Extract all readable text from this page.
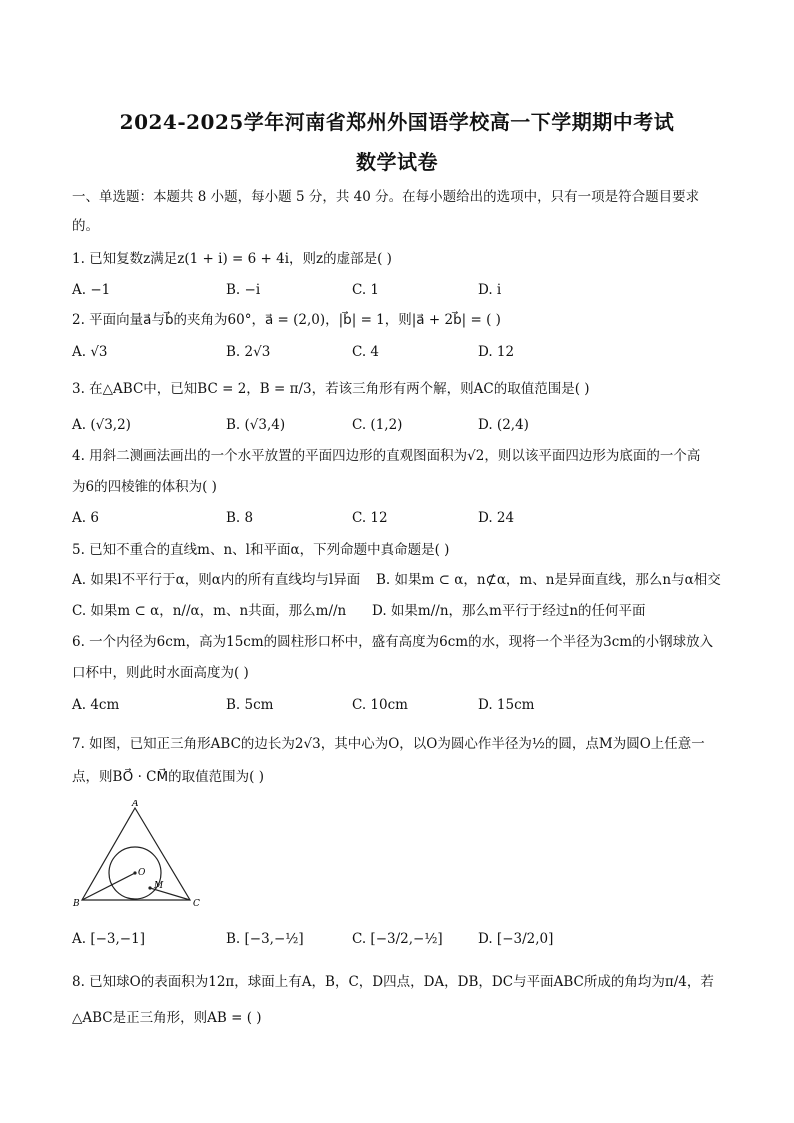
2024-2025学年河南省郑州外国语学校高一下学期期中考试
数学试卷
一、单选题：本题共 8 小题，每小题 5 分，共 40 分。在每小题给出的选项中，只有一项是符合题目要求
的。
1. 已知复数z满足z(1 + i) = 6 + 4i，则z的虚部是( )
A. −1	B. −i	C. 1	D. i
2. 平面向量a⃗与b⃗的夹角为60°，a⃗ = (2,0)，|b⃗| = 1，则|a⃗ + 2b⃗| = ( )
A. √3	B. 2√3	C. 4	D. 12
3. 在△ABC中，已知BC = 2，B = π/3，若该三角形有两个解，则AC的取值范围是( )
A. (√3,2)	B. (√3,4)	C. (1,2)	D. (2,4)
4. 用斜二测画法画出的一个水平放置的平面四边形的直观图面积为√2，则以该平面四边形为底面的一个高
为6的四棱锥的体积为( )
A. 6	B. 8	C. 12	D. 24
5. 已知不重合的直线m、n、l和平面α，下列命题中真命题是( )
A. 如果l不平行于α，则α内的所有直线均与l异面 B. 如果m ⊂ α，n⊄α，m、n是异面直线，那么n与α相交
C. 如果m ⊂ α，n//α，m、n共面，那么m//n D. 如果m//n，那么m平行于经过n的任何平面
6. 一个内径为6cm，高为15cm的圆柱形口杯中，盛有高度为6cm的水，现将一个半径为3cm的小钢球放入
口杯中，则此时水面高度为( )
A. 4cm	B. 5cm	C. 10cm	D. 15cm
7. 如图，已知正三角形ABC的边长为2√3，其中心为O，以O为圆心作半径为½的圆，点M为圆O上任意一
点，则BO⃗ · CM⃗的取值范围为( )
A
B	C
O
M
A. [−3,−1]	B. [−3,−½]	C. [−3/2,−½]	D. [−3/2,0]
8. 已知球O的表面积为12π，球面上有A，B，C，D四点，DA，DB，DC与平面ABC所成的角均为π/4，若
△ABC是正三角形，则AB = ( )
